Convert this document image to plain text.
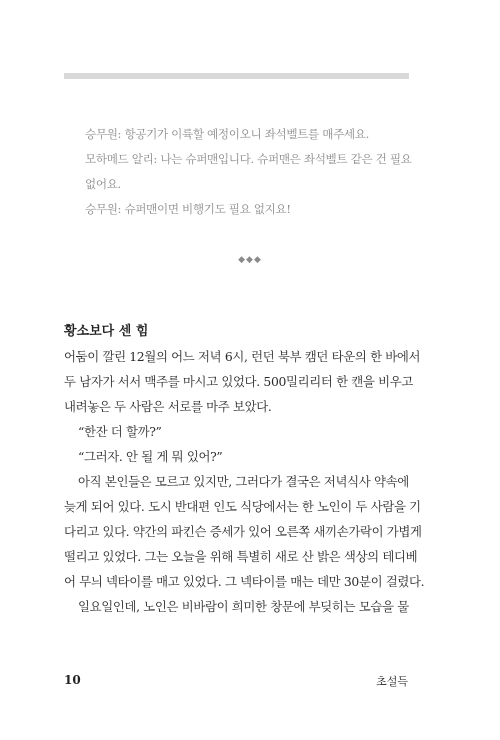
승무원: 항공기가 이륙할 예정이오니 좌석벨트를 매주세요.
모하메드 알리: 나는 슈퍼맨입니다. 슈퍼맨은 좌석벨트 같은 건 필요
없어요.
승무원: 슈퍼맨이면 비행기도 필요 없지요!
◆◆◆
황소보다 센 힘
어둠이 깔린 12월의 어느 저녁 6시, 런던 북부 캠던 타운의 한 바에서
두 남자가 서서 맥주를 마시고 있었다. 500밀리리터 한 캔을 비우고
내려놓은 두 사람은 서로를 마주 보았다.
“한잔 더 할까?”
“그러자. 안 될 게 뭐 있어?”
아직 본인들은 모르고 있지만, 그러다가 결국은 저녁식사 약속에
늦게 되어 있다. 도시 반대편 인도 식당에서는 한 노인이 두 사람을 기
다리고 있다. 약간의 파킨슨 증세가 있어 오른쪽 새끼손가락이 가볍게
떨리고 있었다. 그는 오늘을 위해 특별히 새로 산 밝은 색상의 테디베
어 무늬 넥타이를 매고 있었다. 그 넥타이를 매는 데만 30분이 걸렸다.
일요일인데, 노인은 비바람이 희미한 창문에 부딪히는 모습을 물
10	초설득
